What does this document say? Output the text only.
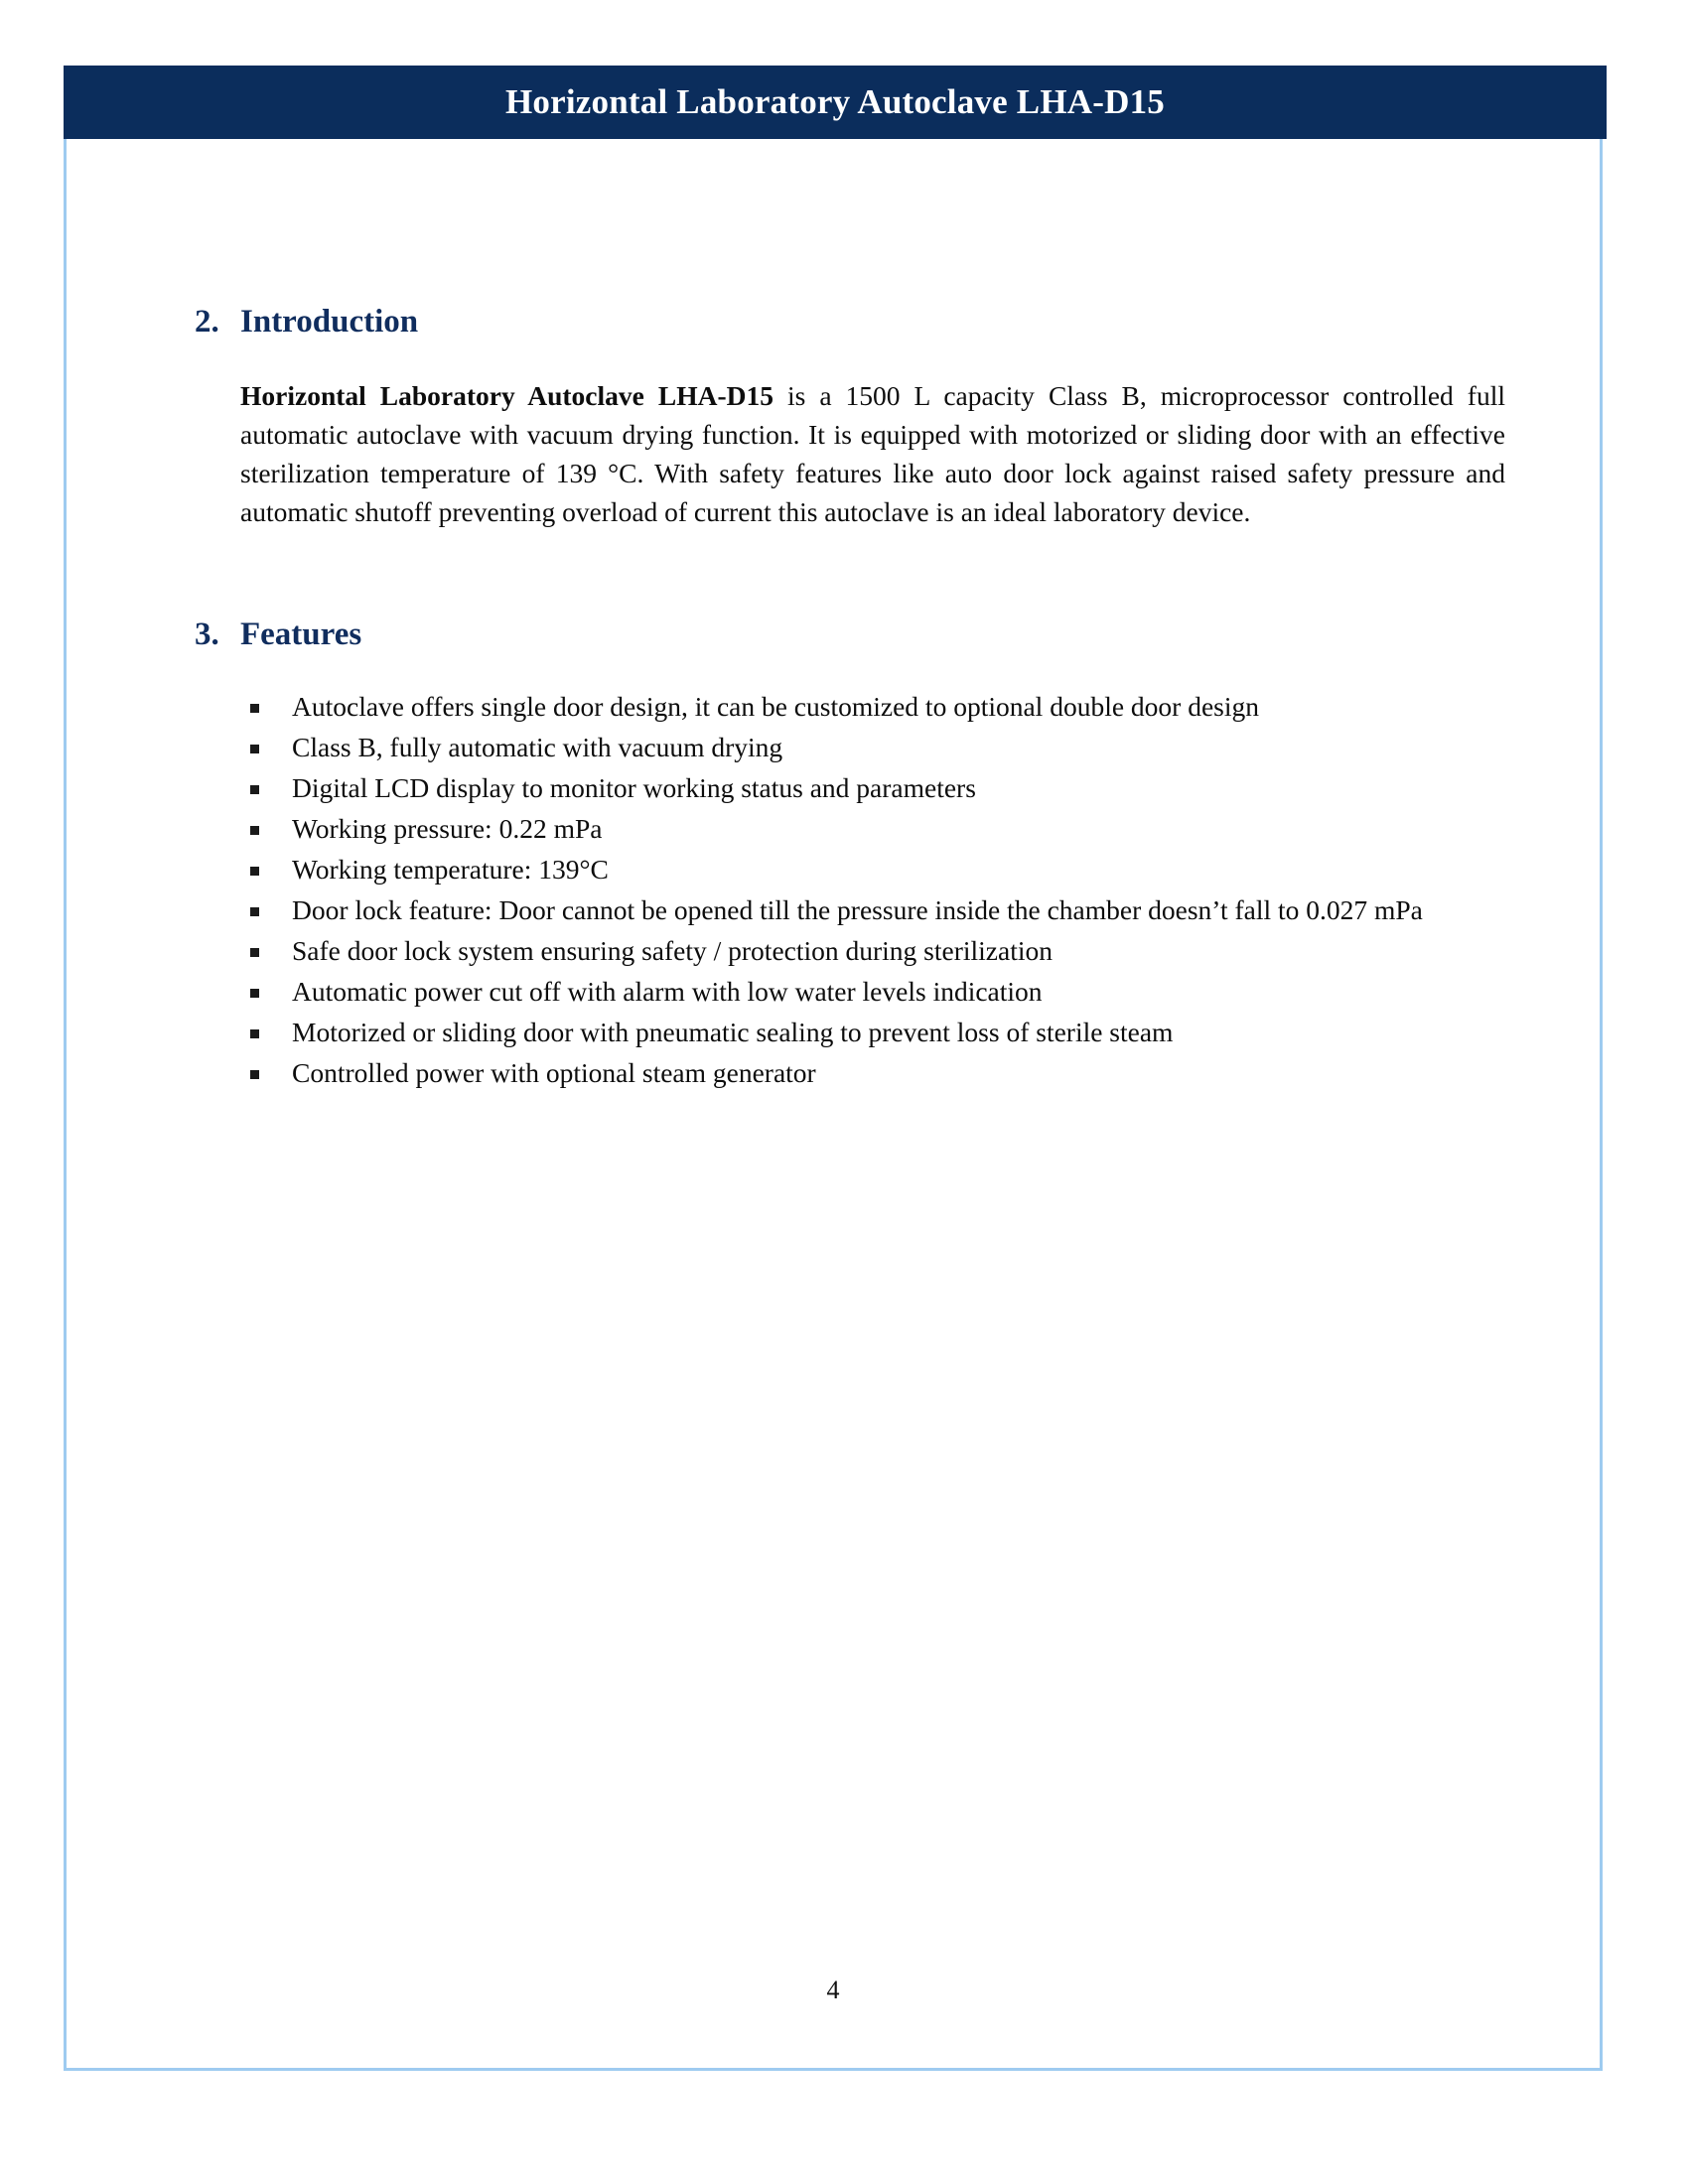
Horizontal Laboratory Autoclave LHA-D15
2. Introduction

Horizontal Laboratory Autoclave LHA-D15 is a 1500 L capacity Class B, microprocessor controlled full automatic autoclave with vacuum drying function. It is equipped with motorized or sliding door with an effective sterilization temperature of 139 °C. With safety features like auto door lock against raised safety pressure and automatic shutoff preventing overload of current this autoclave is an ideal laboratory device.

3. Features
Autoclave offers single door design, it can be customized to optional double door design
Class B, fully automatic with vacuum drying
Digital LCD display to monitor working status and parameters
Working pressure: 0.22 mPa
Working temperature: 139°C
Door lock feature: Door cannot be opened till the pressure inside the chamber doesn’t fall to 0.027 mPa
Safe door lock system ensuring safety / protection during sterilization
Automatic power cut off with alarm with low water levels indication
Motorized or sliding door with pneumatic sealing to prevent loss of sterile steam
Controlled power with optional steam generator
4
